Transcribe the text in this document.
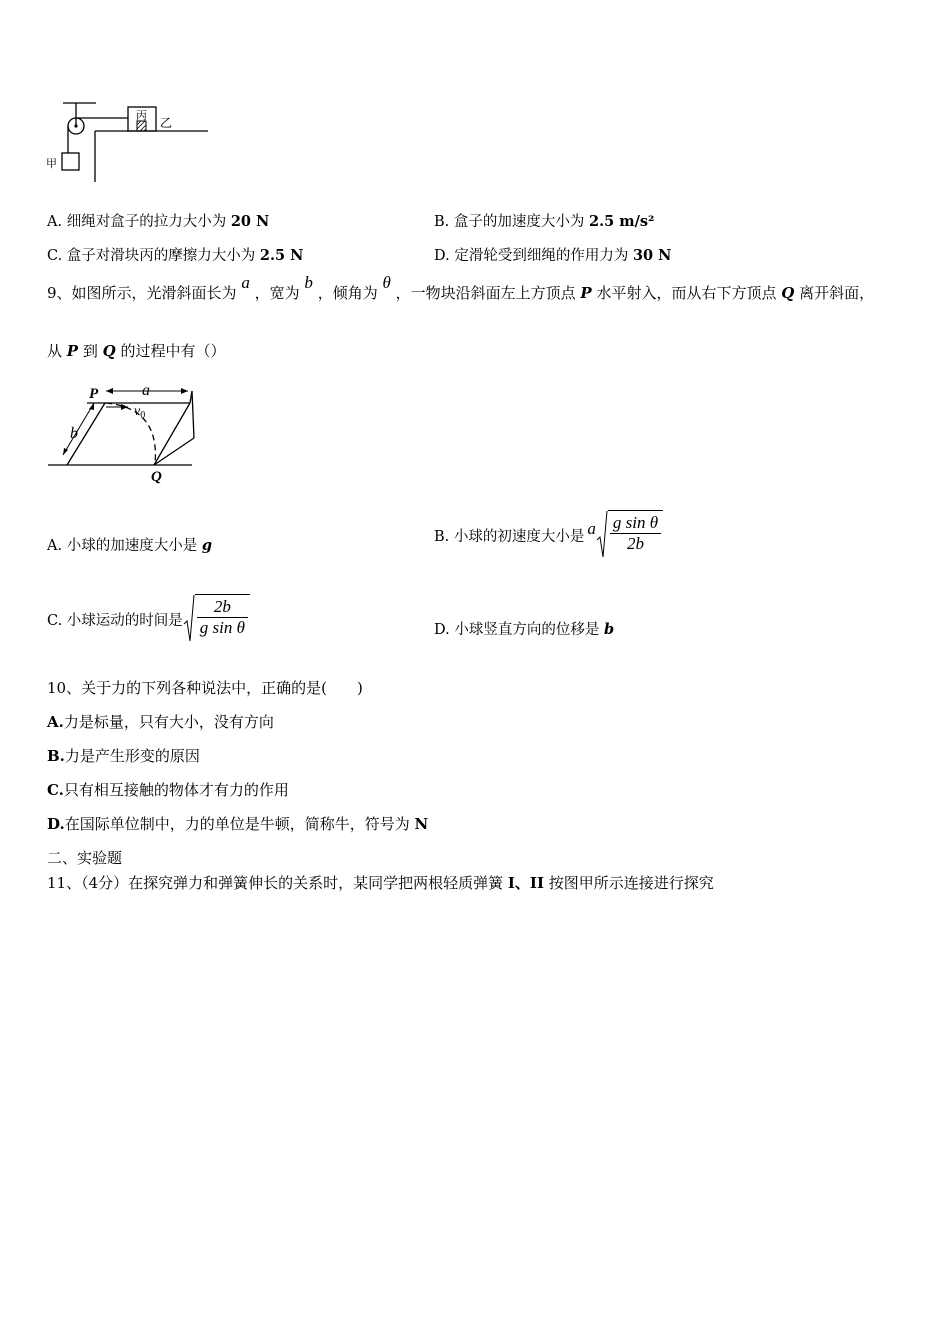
丙 乙
甲
A. 细绳对盒子的拉力大小为 20 N	B. 盒子的加速度大小为 2.5 m/s²
C. 盒子对滑块丙的摩擦力大小为 2.5 N	D. 定滑轮受到细绳的作用力为 30 N
9、如图所示，光滑斜面长为 a ，宽为 b ，倾角为 θ ，一物块沿斜面左上方顶点 P 水平射入，而从右下方顶点 Q 离开斜面，
从 P 到 Q 的过程中有（）
P	a
$v_0$
b
Q
A. 小球的加速度大小是 g
B. 小球的初速度大小是 a $\frac{\text{g sin θ}}{2b}$
C. 小球运动的时间是 $\frac{2b}{\text{g sin θ}}$	D. 小球竖直方向的位移是 b
10、关于力的下列各种说法中，正确的是(　　)
A.力是标量，只有大小，没有方向
B.力是产生形变的原因
C.只有相互接触的物体才有力的作用
D.在国际单位制中，力的单位是牛顿，简称牛，符号为 N
二、实验题
11、（4分）在探究弹力和弹簧伸长的关系时，某同学把两根轻质弹簧 I、II 按图甲所示连接进行探究
